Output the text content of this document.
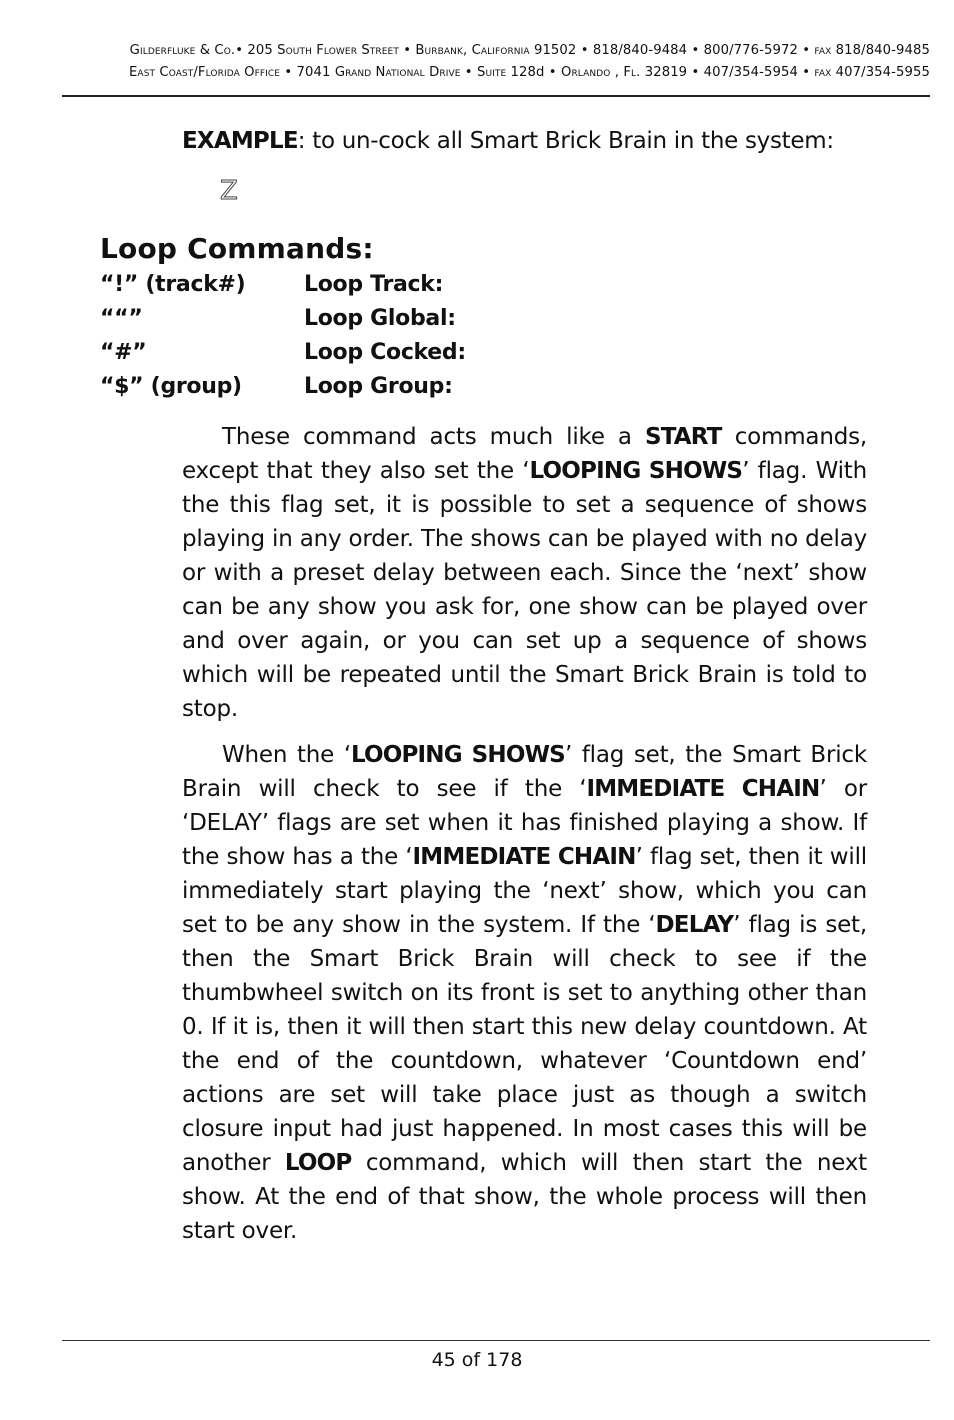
Gilderfluke & Co.• 205 South Flower Street • Burbank, California 91502 • 818/840-9484 • 800/776-5972 • fax 818/840-9485
East Coast/Florida Office • 7041 Grand National Drive • Suite 128d • Orlando , Fl. 32819 • 407/354-5954 • fax 407/354-5955
EXAMPLE: to un-cock all Smart Brick Brain in the system:
Z
Loop Commands:
“!” (track#)	Loop Track:
““”	Loop Global:
“#”	Loop Cocked:
“$” (group)	Loop Group:

These command acts much like a START commands, except that they also set the ‘LOOPING SHOWS’ flag. With the this flag set, it is possible to set a sequence of shows playing in any order. The shows can be played with no delay or with a preset delay between each. Since the ‘next’ show can be any show you ask for, one show can be played over and over again, or you can set up a sequence of shows which will be repeated until the Smart Brick Brain is told to stop.

When the ‘LOOPING SHOWS’ flag set, the Smart Brick Brain will check to see if the ‘IMMEDIATE CHAIN’ or ‘DELAY’ flags are set when it has finished playing a show. If the show has a the ‘IMMEDIATE CHAIN’ flag set, then it will immediately start playing the ‘next’ show, which you can set to be any show in the system. If the ‘DELAY’ flag is set, then the Smart Brick Brain will check to see if the thumbwheel switch on its front is set to anything other than 0. If it is, then it will then start this new delay countdown. At the end of the countdown, whatever ‘Countdown end’ actions are set will take place just as though a switch closure input had just happened. In most cases this will be another LOOP command, which will then start the next show. At the end of that show, the whole process will then start over.

45 of 178
